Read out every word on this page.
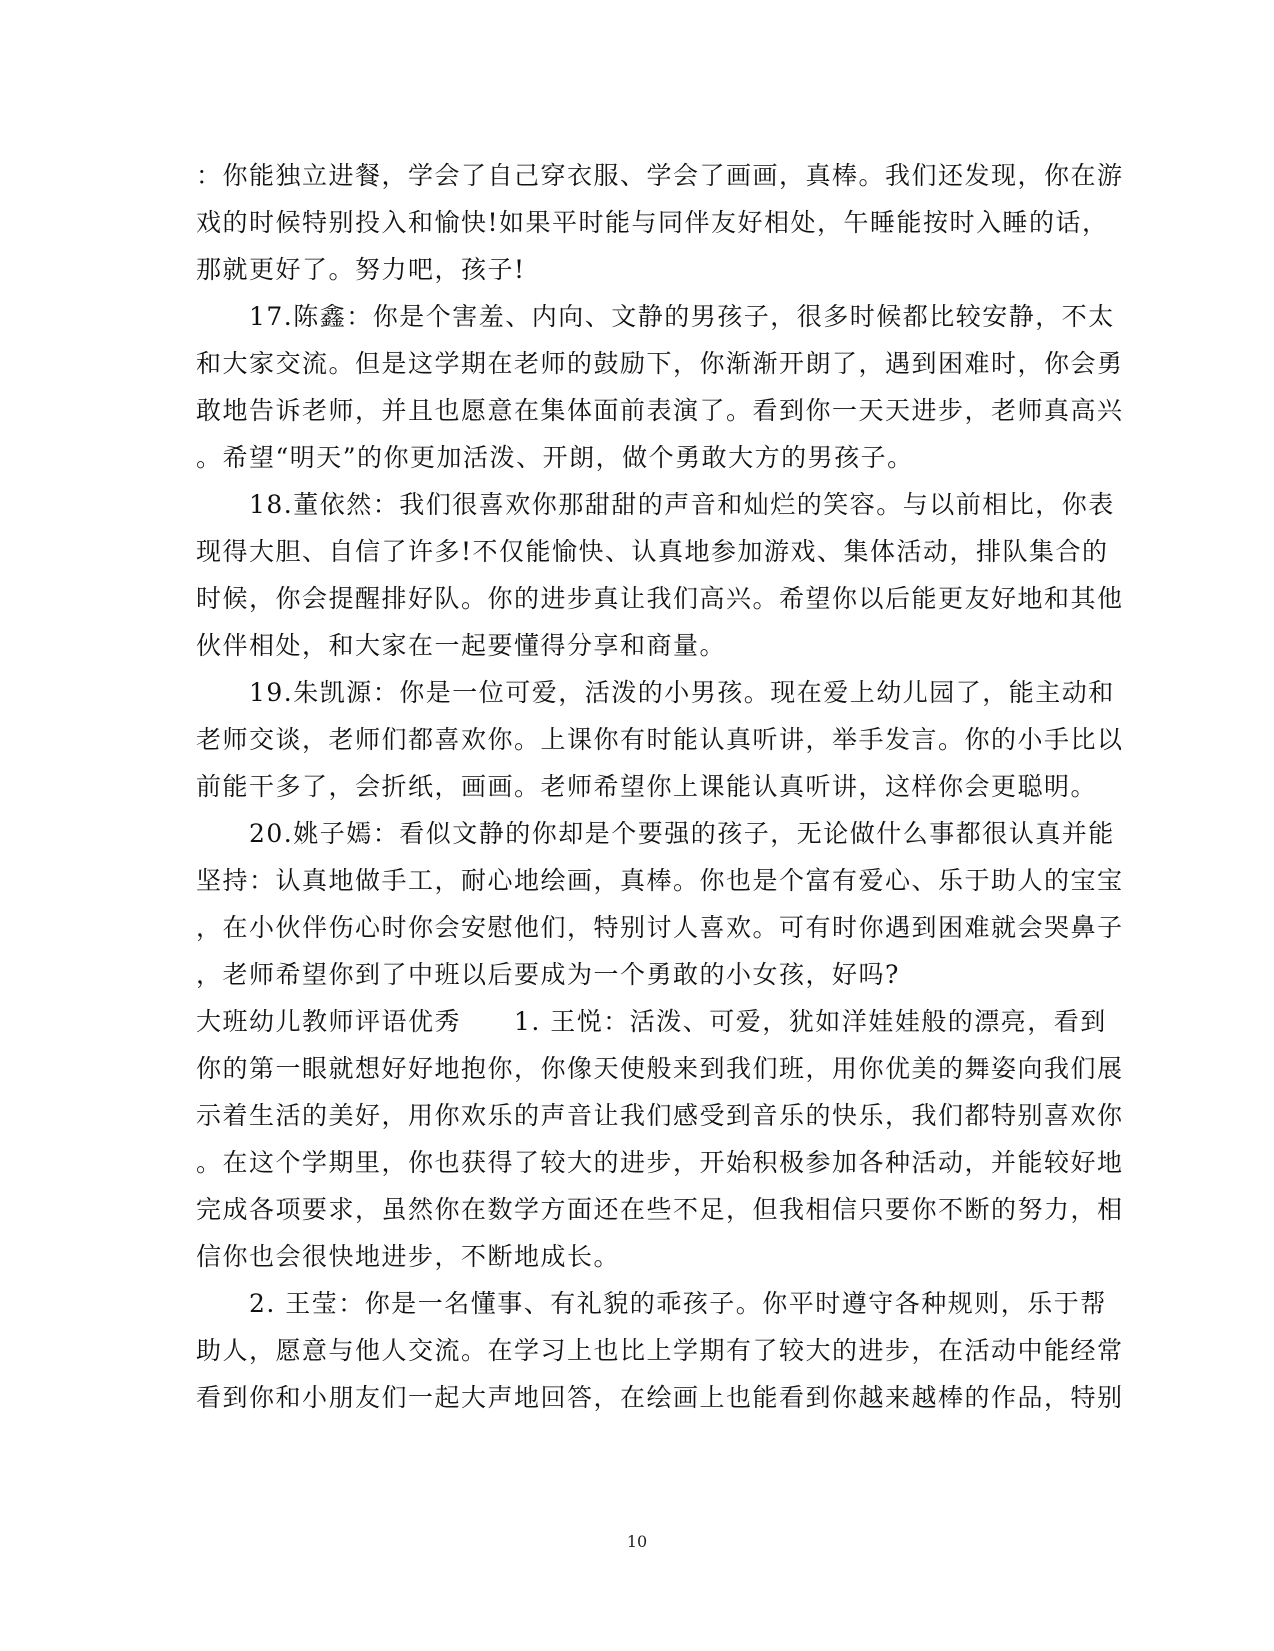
：你能独立进餐，学会了自己穿衣服、学会了画画，真棒。我们还发现，你在游
戏的时候特别投入和愉快!如果平时能与同伴友好相处，午睡能按时入睡的话，
那就更好了。努力吧，孩子!
　　17.陈鑫：你是个害羞、内向、文静的男孩子，很多时候都比较安静，不太
和大家交流。但是这学期在老师的鼓励下，你渐渐开朗了，遇到困难时，你会勇
敢地告诉老师，并且也愿意在集体面前表演了。看到你一天天进步，老师真高兴
。希望“明天”的你更加活泼、开朗，做个勇敢大方的男孩子。
　　18.董依然：我们很喜欢你那甜甜的声音和灿烂的笑容。与以前相比，你表
现得大胆、自信了许多!不仅能愉快、认真地参加游戏、集体活动，排队集合的
时候，你会提醒排好队。你的进步真让我们高兴。希望你以后能更友好地和其他
伙伴相处，和大家在一起要懂得分享和商量。
　　19.朱凯源：你是一位可爱，活泼的小男孩。现在爱上幼儿园了，能主动和
老师交谈，老师们都喜欢你。上课你有时能认真听讲，举手发言。你的小手比以
前能干多了，会折纸，画画。老师希望你上课能认真听讲，这样你会更聪明。
　　20.姚子嫣：看似文静的你却是个要强的孩子，无论做什么事都很认真并能
坚持：认真地做手工，耐心地绘画，真棒。你也是个富有爱心、乐于助人的宝宝
，在小伙伴伤心时你会安慰他们，特别讨人喜欢。可有时你遇到困难就会哭鼻子
，老师希望你到了中班以后要成为一个勇敢的小女孩，好吗?
大班幼儿教师评语优秀　　1. 王悦：活泼、可爱，犹如洋娃娃般的漂亮，看到
你的第一眼就想好好地抱你，你像天使般来到我们班，用你优美的舞姿向我们展
示着生活的美好，用你欢乐的声音让我们感受到音乐的快乐，我们都特别喜欢你
。在这个学期里，你也获得了较大的进步，开始积极参加各种活动，并能较好地
完成各项要求，虽然你在数学方面还在些不足，但我相信只要你不断的努力，相
信你也会很快地进步，不断地成长。
　　2. 王莹：你是一名懂事、有礼貌的乖孩子。你平时遵守各种规则，乐于帮
助人，愿意与他人交流。在学习上也比上学期有了较大的进步，在活动中能经常
看到你和小朋友们一起大声地回答，在绘画上也能看到你越来越棒的作品，特别
10
